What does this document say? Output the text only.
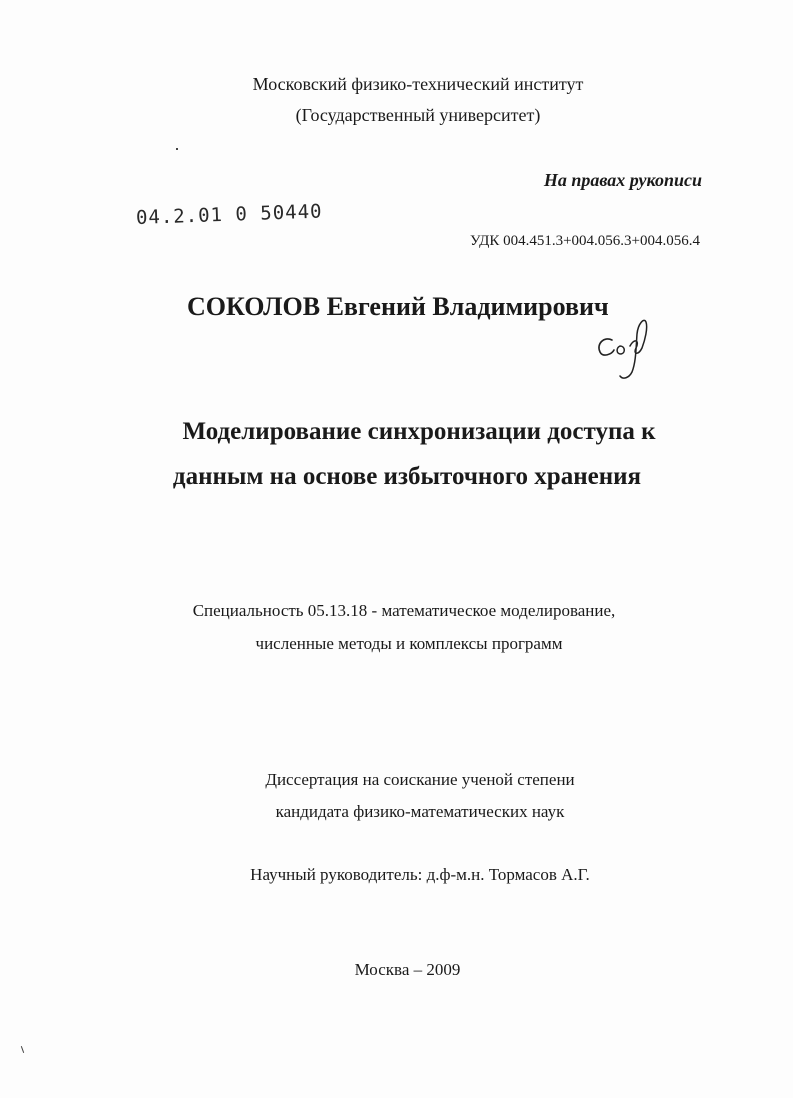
Московский физико-технический институт
(Государственный университет)
На правах рукописи
04.2.01 0 50440
УДК 004.451.3+004.056.3+004.056.4
СОКОЛОВ Евгений Владимирович
Моделирование синхронизации доступа к
данным на основе избыточного хранения
Специальность 05.13.18 - математическое моделирование,
численные методы и комплексы программ
Диссертация на соискание ученой степени
кандидата физико-математических наук
Научный руководитель: д.ф-м.н. Тормасов А.Г.
Москва – 2009
